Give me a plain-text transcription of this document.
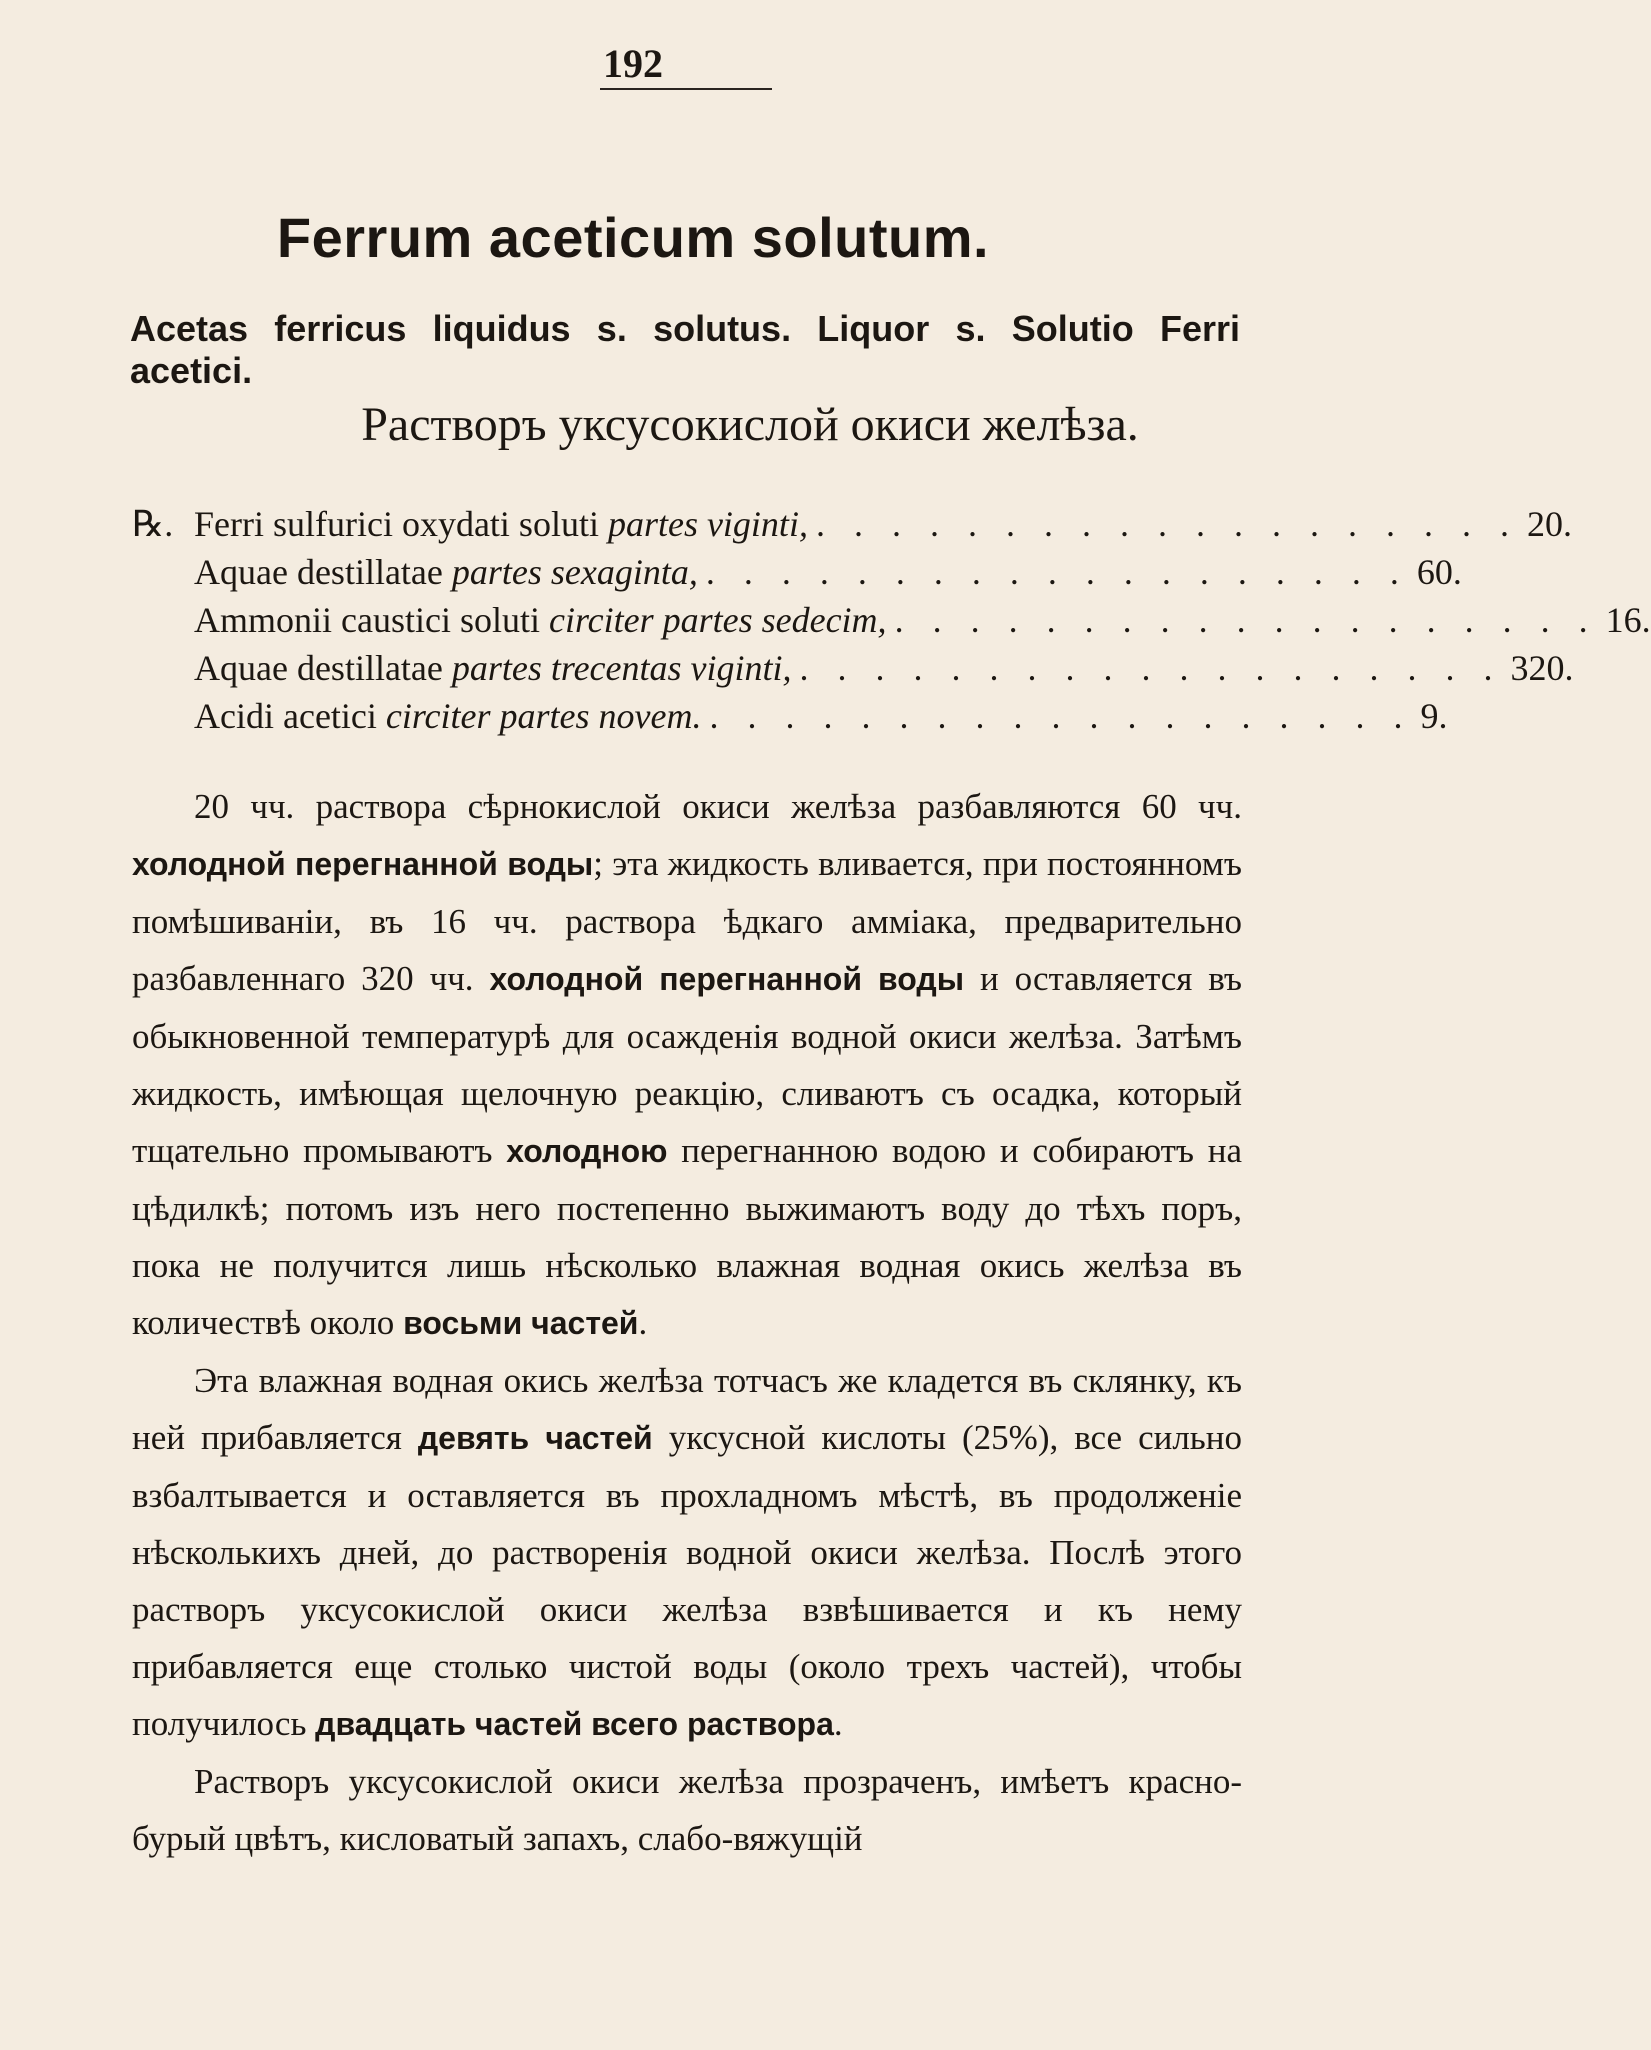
192
Ferrum aceticum solutum.
Acetas ferricus liquidus s. solutus. Liquor s. Solutio Ferri acetici.
Растворъ уксусокислой окиси желѣза.
℞. Ferri sulfurici oxydati soluti partes viginti, . . . . . . . . . . . . . . . . . . . 20.
Aquae destillatae partes sexaginta, . . . . . . . . . . . . . . . . . . . 60.
Ammonii caustici soluti circiter partes sedecim, . . . . . . . . . . . . . . . . . . . 16.
Aquae destillatae partes trecentas viginti, . . . . . . . . . . . . . . . . . . . 320.
Acidi acetici circiter partes novem. . . . . . . . . . . . . . . . . . . . 9.

20 чч. раствора сѣрнокислой окиси желѣза разбавляются 60 чч. холодной перегнанной воды; эта жидкость вливается, при постоянномъ помѣшиваніи, въ 16 чч. раствора ѣдкаго амміака, предварительно разбавленнаго 320 чч. холодной перегнанной воды и оставляется въ обыкновенной температурѣ для осажденія водной окиси желѣза. Затѣмъ жидкость, имѣющая щелочную реакцію, сливаютъ съ осадка, который тщательно промываютъ холодною перегнанною водою и собираютъ на цѣдилкѣ; потомъ изъ него постепенно выжимаютъ воду до тѣхъ поръ, пока не получится лишь нѣсколько влажная водная окись желѣза въ количествѣ около восьми частей.

Эта влажная водная окись желѣза тотчасъ же кладется въ склянку, къ ней прибавляется девять частей уксусной кислоты (25%), все сильно взбалтывается и оставляется въ прохладномъ мѣстѣ, въ продолженіе нѣсколькихъ дней, до растворенія водной окиси желѣза. Послѣ этого растворъ уксусокислой окиси желѣза взвѣшивается и къ нему прибавляется еще столько чистой воды (около трехъ частей), чтобы получилось двадцать частей всего раствора.

Растворъ уксусокислой окиси желѣза прозраченъ, имѣетъ красно-бурый цвѣтъ, кисловатый запахъ, слабо-вяжущій
